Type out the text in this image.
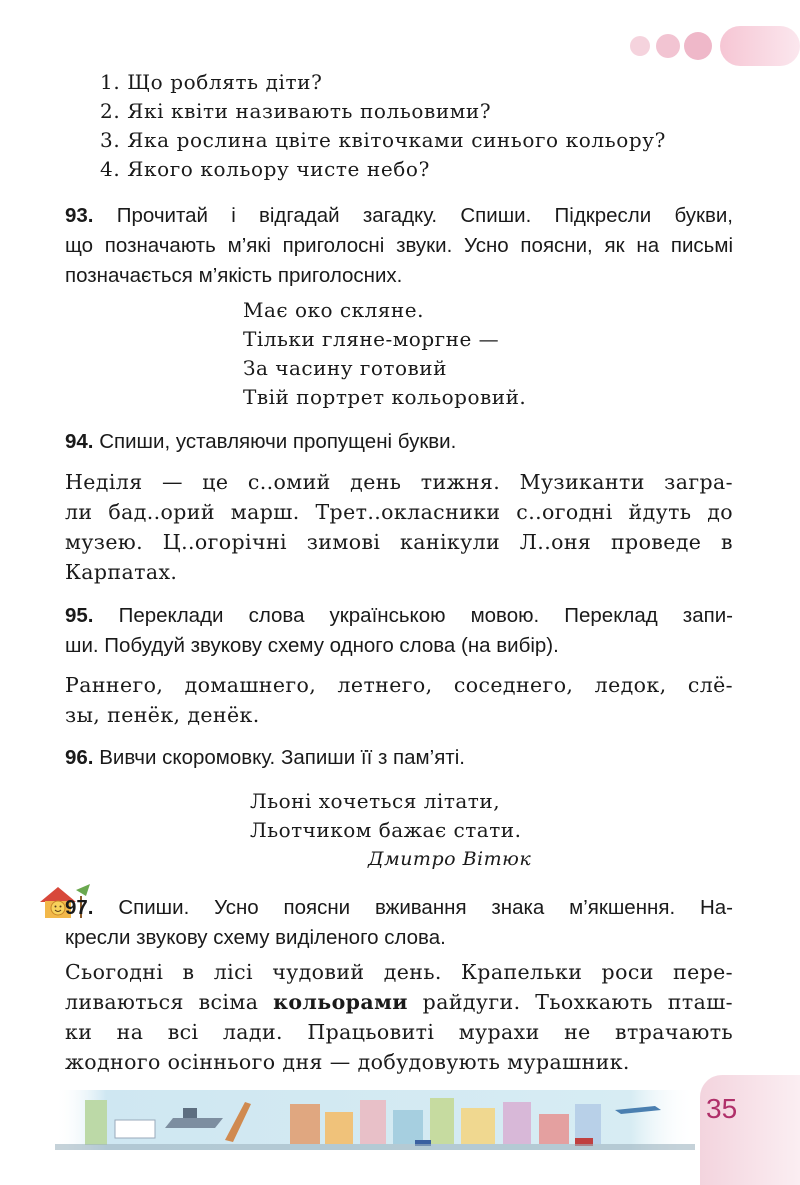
1. Що роблять діти?
2. Які квіти називають польовими?
3. Яка рослина цвіте квіточками синього кольору?
4. Якого кольору чисте небо?
93. Прочитай і відгадай загадку. Спиши. Підкресли букви,
що позначають м’які приголосні звуки. Усно поясни, як на письмі
позначається м’якість приголосних.
Має око скляне.
Тільки гляне-моргне —
За часину готовий
Твій портрет кольоровий.
94. Спиши, уставляючи пропущені букви.
Неділя — це с..омий день тижня. Музиканти загра-
ли бад..орий марш. Трет..окласники с..огодні йдуть до
музею. Ц..огорічні зимові канікули Л..оня проведе в
Карпатах.
95. Переклади слова українською мовою. Переклад запи-
ши. Побудуй звукову схему одного слова (на вибір).
Раннего, домашнего, летнего, соседнего, ледок, слё-
зы, пенёк, денёк.
96. Вивчи скоромовку. Запиши її з пам’яті.
Льоні хочеться літати,
Льотчиком бажає стати.
Дмитро Вітюк
97. Спиши. Усно поясни вживання знака м’якшення. На-
кресли звукову схему виділеного слова.
Сьогодні в лісі чудовий день. Крапельки роси пере-
ливаються всіма кольорами райдуги. Тьохкають пташ-
ки на всі лади. Працьовиті мурахи не втрачають
жодного осіннього дня — добудовують мурашник.
35
